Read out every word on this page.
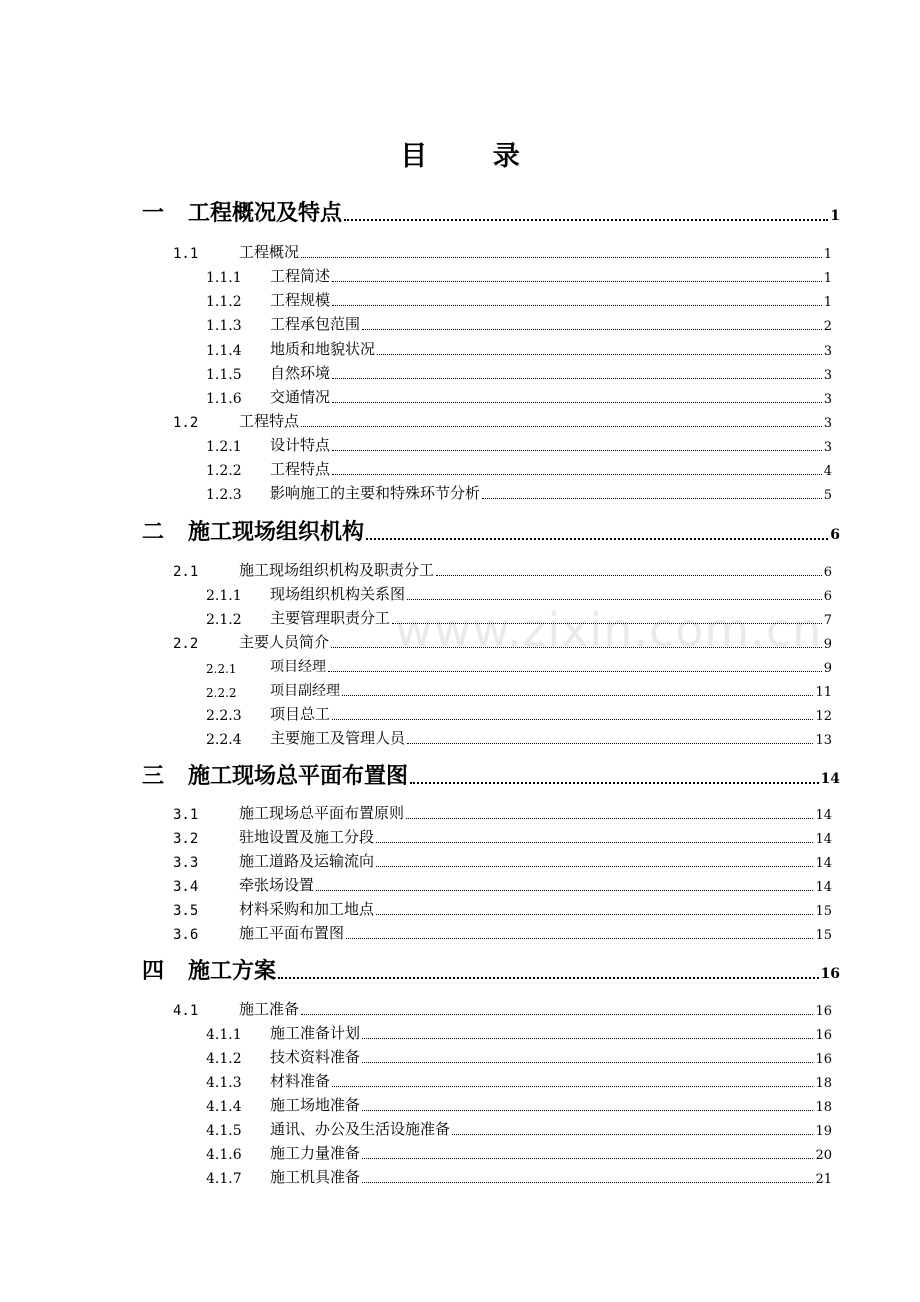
目 录
www.zixin.com.cn
一	工程概况及特点	1
1.1	工程概况	1
1.1.1	工程简述	1
1.1.2	工程规模	1
1.1.3	工程承包范围	2
1.1.4	地质和地貌状况	3
1.1.5	自然环境	3
1.1.6	交通情况	3
1.2	工程特点	3
1.2.1	设计特点	3
1.2.2	工程特点	4
1.2.3	影响施工的主要和特殊环节分析	5
二	施工现场组织机构	6
2.1	施工现场组织机构及职责分工	6
2.1.1	现场组织机构关系图	6
2.1.2	主要管理职责分工	7
2.2	主要人员简介	9
2.2.1	项目经理	9
2.2.2	项目副经理	11
2.2.3	项目总工	12
2.2.4	主要施工及管理人员	13
三	施工现场总平面布置图	14
3.1	施工现场总平面布置原则	14
3.2	驻地设置及施工分段	14
3.3	施工道路及运输流向	14
3.4	牵张场设置	14
3.5	材料采购和加工地点	15
3.6	施工平面布置图	15
四	施工方案	16
4.1	施工准备	16
4.1.1	施工准备计划	16
4.1.2	技术资料准备	16
4.1.3	材料准备	18
4.1.4	施工场地准备	18
4.1.5	通讯、办公及生活设施准备	19
4.1.6	施工力量准备	20
4.1.7	施工机具准备	21
